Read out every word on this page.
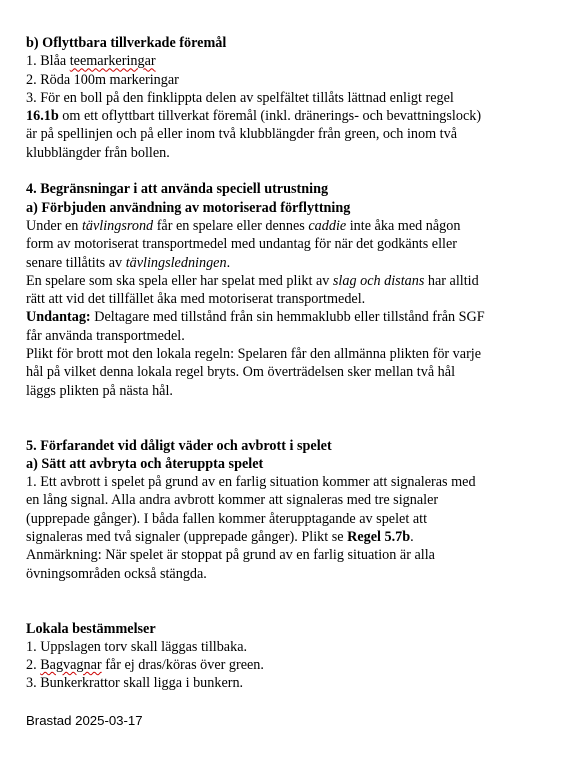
b) Oflyttbara tillverkade föremål
1. Blåa teemarkeringar
2. Röda 100m markeringar
3. För en boll på den finklippta delen av spelfältet tillåts lättnad enligt regel
16.1b om ett oflyttbart tillverkat föremål (inkl. dränerings- och bevattningslock)
är på spellinjen och på eller inom två klubblängder från green, och inom två
klubblängder från bollen.
4. Begränsningar i att använda speciell utrustning
a) Förbjuden användning av motoriserad förflyttning
Under en tävlingsrond får en spelare eller dennes caddie inte åka med någon
form av motoriserat transportmedel med undantag för när det godkänts eller
senare tillåtits av tävlingsledningen.
En spelare som ska spela eller har spelat med plikt av slag och distans har alltid
rätt att vid det tillfället åka med motoriserat transportmedel.
Undantag: Deltagare med tillstånd från sin hemmaklubb eller tillstånd från SGF
får använda transportmedel.
Plikt för brott mot den lokala regeln: Spelaren får den allmänna plikten för varje
hål på vilket denna lokala regel bryts. Om överträdelsen sker mellan två hål
läggs plikten på nästa hål.
5. Förfarandet vid dåligt väder och avbrott i spelet
a) Sätt att avbryta och återuppta spelet
1. Ett avbrott i spelet på grund av en farlig situation kommer att signaleras med
en lång signal. Alla andra avbrott kommer att signaleras med tre signaler
(upprepade gånger). I båda fallen kommer återupptagande av spelet att
signaleras med två signaler (upprepade gånger). Plikt se Regel 5.7b.
Anmärkning: När spelet är stoppat på grund av en farlig situation är alla
övningsområden också stängda.
Lokala bestämmelser
1. Uppslagen torv skall läggas tillbaka.
2. Bagvagnar får ej dras/köras över green.
3. Bunkerkrattor skall ligga i bunkern.
Brastad 2025-03-17
